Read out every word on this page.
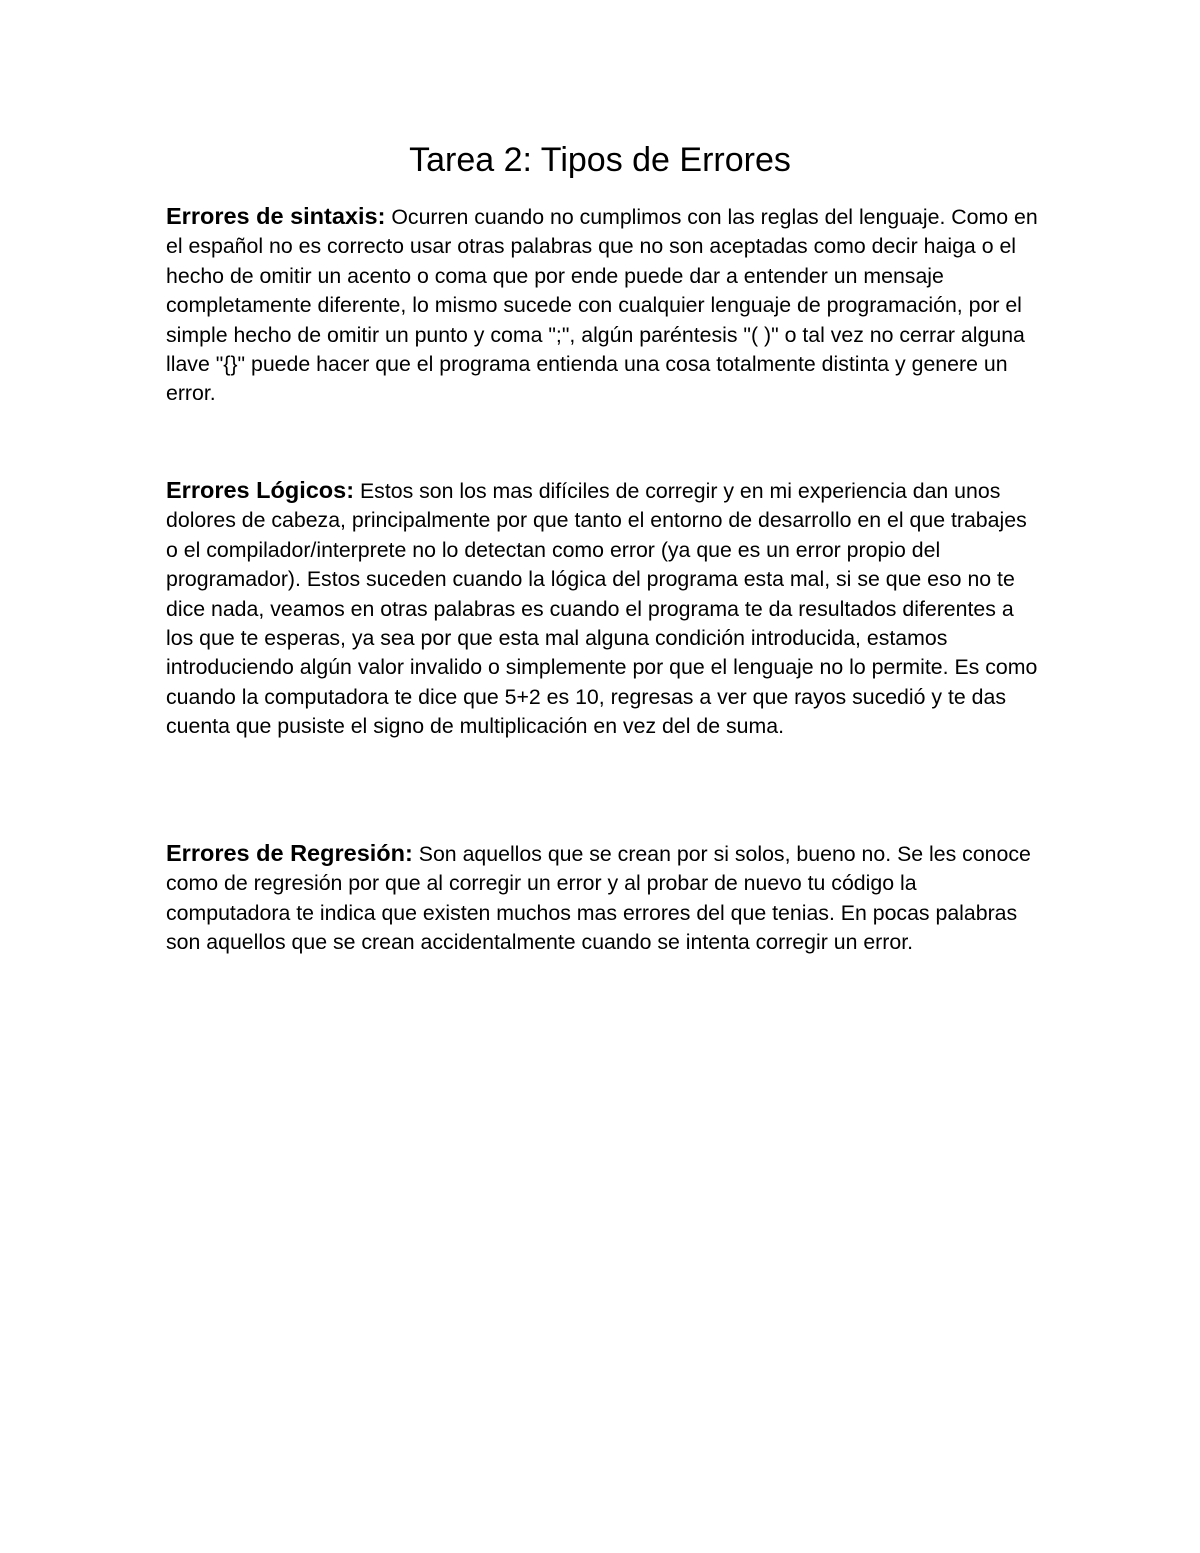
Tarea 2: Tipos de Errores

Errores de sintaxis: Ocurren cuando no cumplimos con las reglas del lenguaje. Como en el español no es correcto usar otras palabras que no son aceptadas como decir haiga o el hecho de omitir un acento o coma que por ende puede dar a entender un mensaje completamente diferente, lo mismo sucede con cualquier lenguaje de programación, por el simple hecho de omitir un punto y coma ";", algún paréntesis "( )" o tal vez no cerrar alguna llave "{}" puede hacer que el programa entienda una cosa totalmente distinta y genere un error.

Errores Lógicos: Estos son los mas difíciles de corregir y en mi experiencia dan unos dolores de cabeza, principalmente por que tanto el entorno de desarrollo en el que trabajes o el compilador/interprete no lo detectan como error (ya que es un error propio del programador). Estos suceden cuando la lógica del programa esta mal, si se que eso no te dice nada, veamos en otras palabras es cuando el programa te da resultados diferentes a los que te esperas, ya sea por que esta mal alguna condición introducida, estamos introduciendo algún valor invalido o simplemente por que el lenguaje no lo permite. Es como cuando la computadora te dice que 5+2 es 10, regresas a ver que rayos sucedió y te das cuenta que pusiste el signo de multiplicación en vez del de suma.

Errores de Regresión: Son aquellos que se crean por si solos, bueno no. Se les conoce como de regresión por que al corregir un error y al probar de nuevo tu código la computadora te indica que existen muchos mas errores del que tenias. En pocas palabras son aquellos que se crean accidentalmente cuando se intenta corregir un error.
